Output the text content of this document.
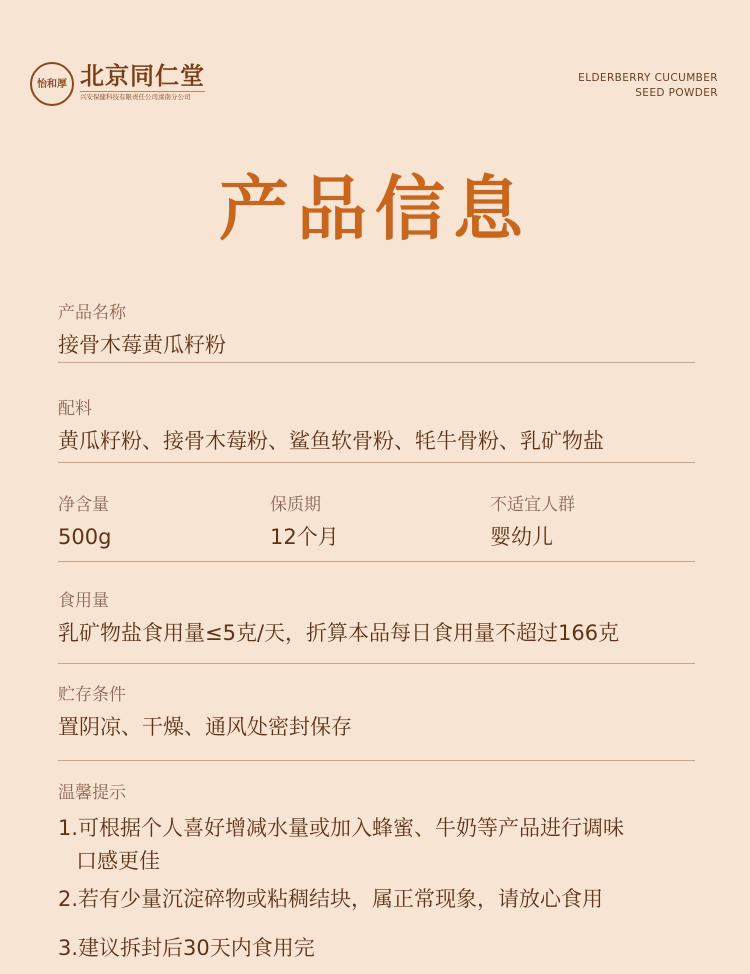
怡和厚 北京同仁堂
兴安保健科技有限责任公司滦南分公司
ELDERBERRY CUCUMBER
SEED POWDER
产品信息
产品名称
接骨木莓黄瓜籽粉
配料
黄瓜籽粉、接骨木莓粉、鲨鱼软骨粉、牦牛骨粉、乳矿物盐
净含量
500g
保质期
12个月
不适宜人群
婴幼儿
食用量
乳矿物盐食用量≤5克/天，折算本品每日食用量不超过166克
贮存条件
置阴凉、干燥、通风处密封保存
温馨提示
1.可根据个人喜好增减水量或加入蜂蜜、牛奶等产品进行调味
口感更佳
2.若有少量沉淀碎物或粘稠结块，属正常现象，请放心食用
3.建议拆封后30天内食用完
